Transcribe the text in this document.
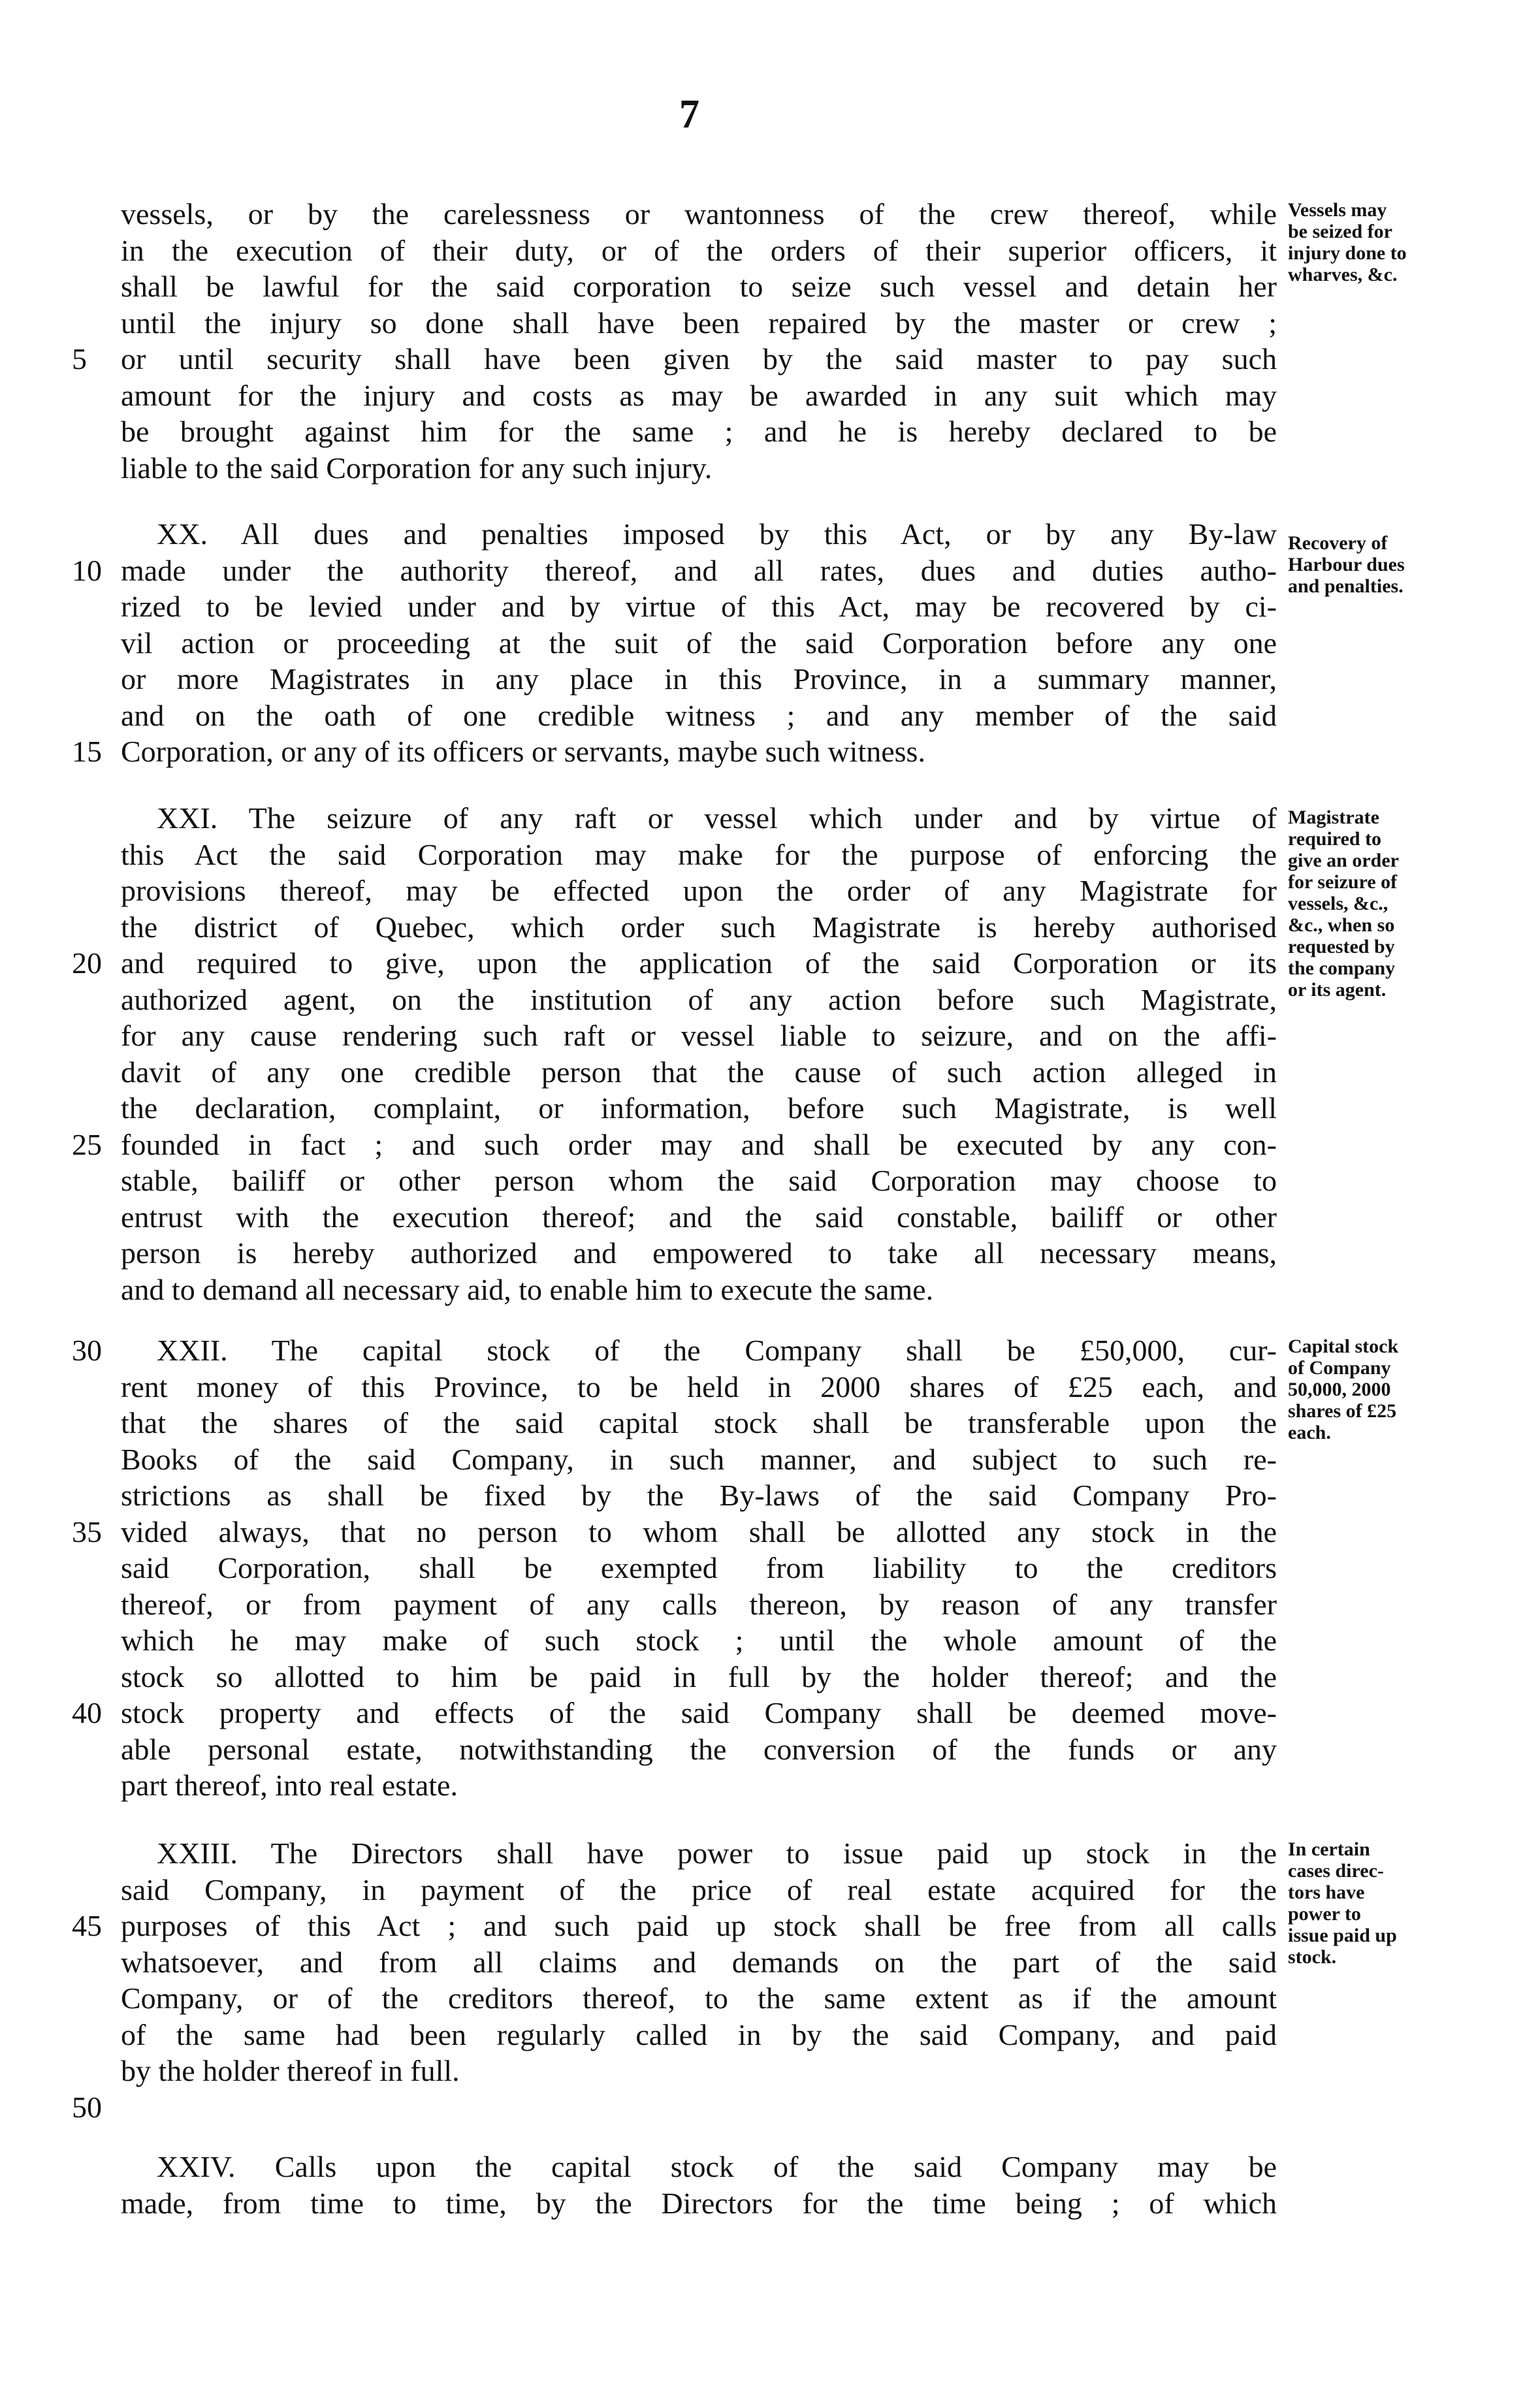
7
vessels, or by the carelessness or wantonness of the crew thereof, while
in the execution of their duty, or of the orders of their superior officers, it
shall be lawful for the said corporation to seize such vessel and detain her
until the injury so done shall have been repaired by the master or crew ;
5	or until security shall have been given by the said master to pay such
amount for the injury and costs as may be awarded in any suit which may
be brought against him for the same ; and he is hereby declared to be
liable to the said Corporation for any such injury.
XX. All dues and penalties imposed by this Act, or by any By-law
10 made under the authority thereof, and all rates, dues and duties autho-
rized to be levied under and by virtue of this Act, may be recovered by ci-
vil action or proceeding at the suit of the said Corporation before any one
or more Magistrates in any place in this Province, in a summary manner,
and on the oath of one credible witness ; and any member of the said
15 Corporation, or any of its officers or servants, maybe such witness.
XXI. The seizure of any raft or vessel which under and by virtue of
this Act the said Corporation may make for the purpose of enforcing the
provisions thereof, may be effected upon the order of any Magistrate for
the district of Quebec, which order such Magistrate is hereby authorised
20 and required to give, upon the application of the said Corporation or its
authorized agent, on the institution of any action before such Magistrate,
for any cause rendering such raft or vessel liable to seizure, and on the affi-
davit of any one credible person that the cause of such action alleged in
the declaration, complaint, or information, before such Magistrate, is well
25 founded in fact ; and such order may and shall be executed by any con-
stable, bailiff or other person whom the said Corporation may choose to
entrust with the execution thereof; and the said constable, bailiff or other
person is hereby authorized and empowered to take all necessary means,
and to demand all necessary aid, to enable him to execute the same.
30	XXII. The capital stock of the Company shall be £50,000, cur-
rent money of this Province, to be held in 2000 shares of £25 each, and
that the shares of the said capital stock shall be transferable upon the
Books of the said Company, in such manner, and subject to such re-
strictions as shall be fixed by the By-laws of the said Company Pro-
35 vided always, that no person to whom shall be allotted any stock in the
said Corporation, shall be exempted from liability to the creditors
thereof, or from payment of any calls thereon, by reason of any transfer
which he may make of such stock ; until the whole amount of the
stock so allotted to him be paid in full by the holder thereof; and the
40 stock property and effects of the said Company shall be deemed move-
able personal estate, notwithstanding the conversion of the funds or any
part thereof, into real estate.
XXIII. The Directors shall have power to issue paid up stock in the
said Company, in payment of the price of real estate acquired for the
45 purposes of this Act ; and such paid up stock shall be free from all calls
whatsoever, and from all claims and demands on the part of the said
Company, or of the creditors thereof, to the same extent as if the amount
of the same had been regularly called in by the said Company, and paid
by the holder thereof in full.
50
XXIV. Calls upon the capital stock of the said Company may be
made, from time to time, by the Directors for the time being ; of which
Vessels may
be seized for
injury done to
wharves, &c.
Recovery of
Harbour dues
and penalties.
Magistrate
required to
give an order
for seizure of
vessels, &c.,
&c., when so
requested by
the company
or its agent.
Capital stock
of Company
50,000, 2000
shares of £25
each.
In certain
cases direc-
tors have
power to
issue paid up
stock.
